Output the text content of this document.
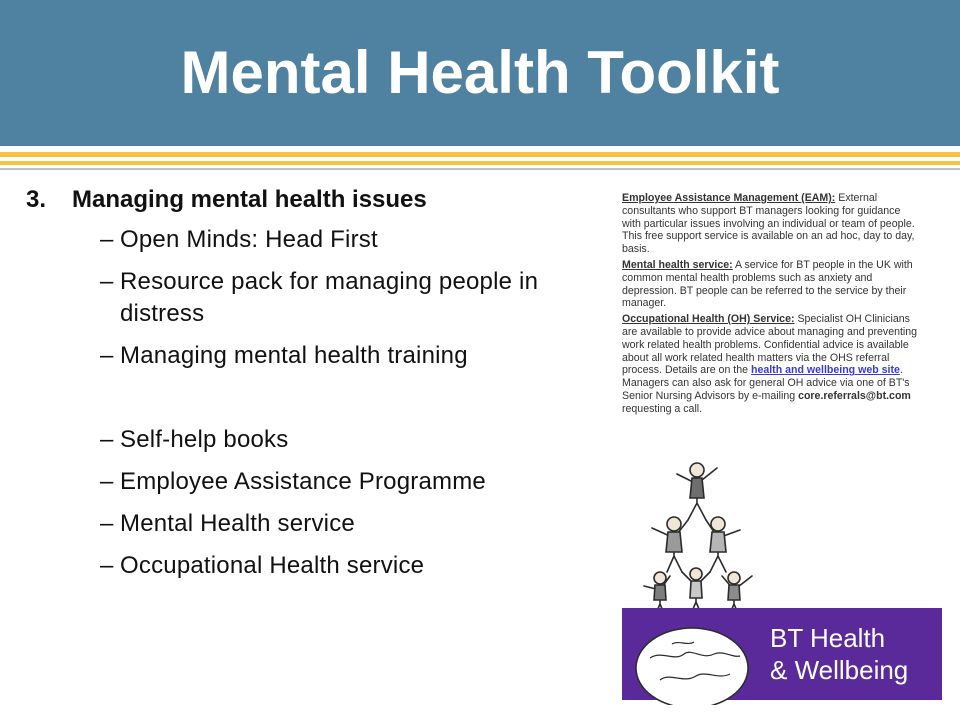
Mental Health Toolkit
3. Managing mental health issues
– Open Minds: Head First
– Resource pack for managing people in distress
– Managing mental health training
– Self-help books
– Employee Assistance Programme
– Mental Health service
– Occupational Health service

Employee Assistance Management (EAM): External consultants who support BT managers looking for guidance with particular issues involving an individual or team of people. This free support service is available on an ad hoc, day to day, basis.

Mental health service: A service for BT people in the UK with common mental health problems such as anxiety and depression. BT people can be referred to the service by their manager.

Occupational Health (OH) Service: Specialist OH Clinicians are available to provide advice about managing and preventing work related health problems. Confidential advice is available about all work related health matters via the OHS referral process. Details are on the health and wellbeing web site. Managers can also ask for general OH advice via one of BT's Senior Nursing Advisors by e-mailing core.referrals@bt.com requesting a call.

BT Health
& Wellbeing
